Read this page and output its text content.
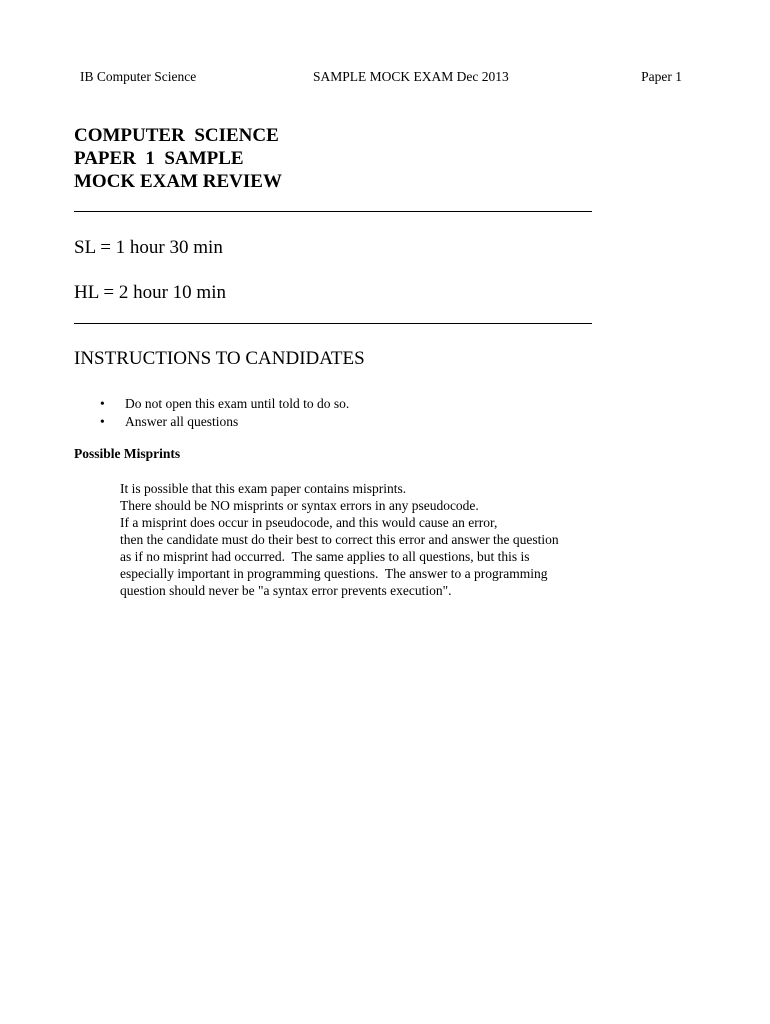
IB Computer Science	SAMPLE MOCK EXAM Dec 2013	Paper 1
COMPUTER  SCIENCE
PAPER  1  SAMPLE
MOCK EXAM REVIEW
SL = 1 hour 30 min
HL = 2 hour 10 min
INSTRUCTIONS TO CANDIDATES
• Do not open this exam until told to do so.
• Answer all questions
Possible Misprints
It is possible that this exam paper contains misprints.
There should be NO misprints or syntax errors in any pseudocode.
If a misprint does occur in pseudocode, and this would cause an error,
then the candidate must do their best to correct this error and answer the question
as if no misprint had occurred.  The same applies to all questions, but this is
especially important in programming questions.  The answer to a programming
question should never be "a syntax error prevents execution".
